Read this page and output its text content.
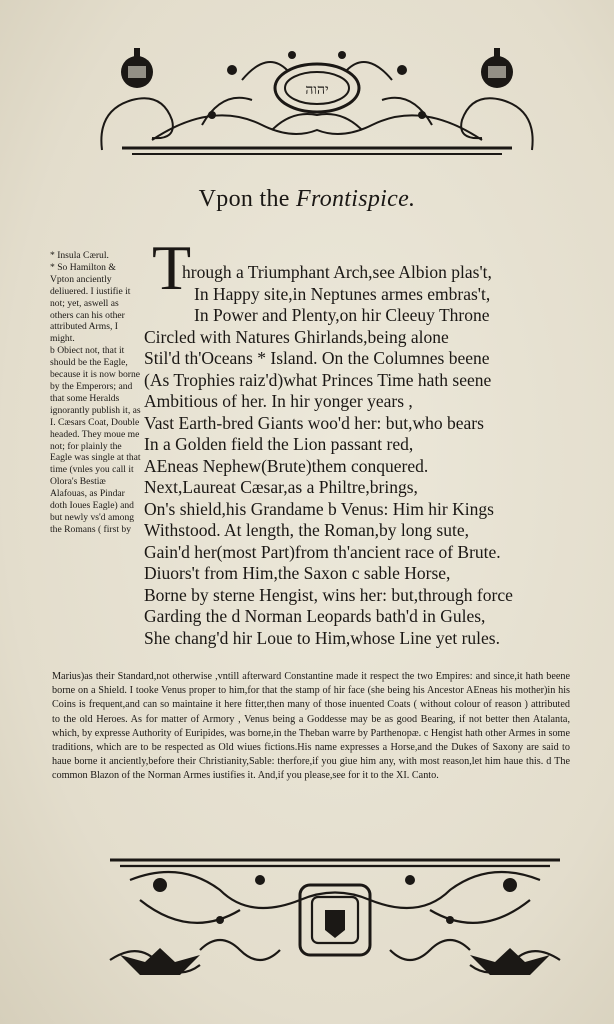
יהוה
Vpon the Frontispice.

* Insula Cærul.

* So Hamilton & Vpton anciently deliuered. I iustifie it not; yet, aswell as others can his other attributed Arms, I might.

b Obiect not, that it should be the Eagle, because it is now borne by the Emperors; and that some Heralds ignorantly publish it, as I. Cæsars Coat, Double headed. They moue me not; for plainly the Eagle was single at that time (vnles you call it Olora's Bestiæ Alafouas, as Pindar doth Ioues Eagle) and but newly vs'd among the Romans ( first by

T
hrough a Triumphant Arch,see Albion plas't,
In Happy site,in Neptunes armes embras't,
In Power and Plenty,on hir Cleeuy Throne
Circled with Natures Ghirlands,being alone
Stil'd th'Oceans * Island. On the Columnes beene
(As Trophies raiz'd)what Princes Time hath seene
Ambitious of her. In hir yonger years ,
Vast Earth-bred Giants woo'd her: but,who bears
In a Golden field the Lion passant red,
AEneas Nephew(Brute)them conquered.
Next,Laureat Cæsar,as a Philtre,brings,
On's shield,his Grandame b Venus: Him hir Kings
Withstood. At length, the Roman,by long sute,
Gain'd her(most Part)from th'ancient race of Brute.
Diuors't from Him,the Saxon c sable Horse,
Borne by sterne Hengist, wins her: but,through force
Garding the d Norman Leopards bath'd in Gules,
She chang'd hir Loue to Him,whose Line yet rules.

Marius)as their Standard,not otherwise ,vntill afterward Constantine made it respect the two Empires: and since,it hath beene borne on a Shield. I tooke Venus proper to him,for that the stamp of hir face (she being his Ancestor AEneas his mother)in his Coins is frequent,and can so maintaine it here fitter,then many of those inuented Coats ( without colour of reason ) attributed to the old Heroes. As for matter of Armory , Venus being a Goddesse may be as good Bearing, if not better then Atalanta, which, by expresse Authority of Euripides, was borne,in the Theban warre by Parthenopæ. c Hengist hath other Armes in some traditions, which are to be respected as Old wiues fictions.His name expresses a Horse,and the Dukes of Saxony are said to haue borne it anciently,before their Christianity,Sable: therfore,if you giue him any, with most reason,let him haue this. d The common Blazon of the Norman Armes iustifies it. And,if you please,see for it to the XI. Canto.
